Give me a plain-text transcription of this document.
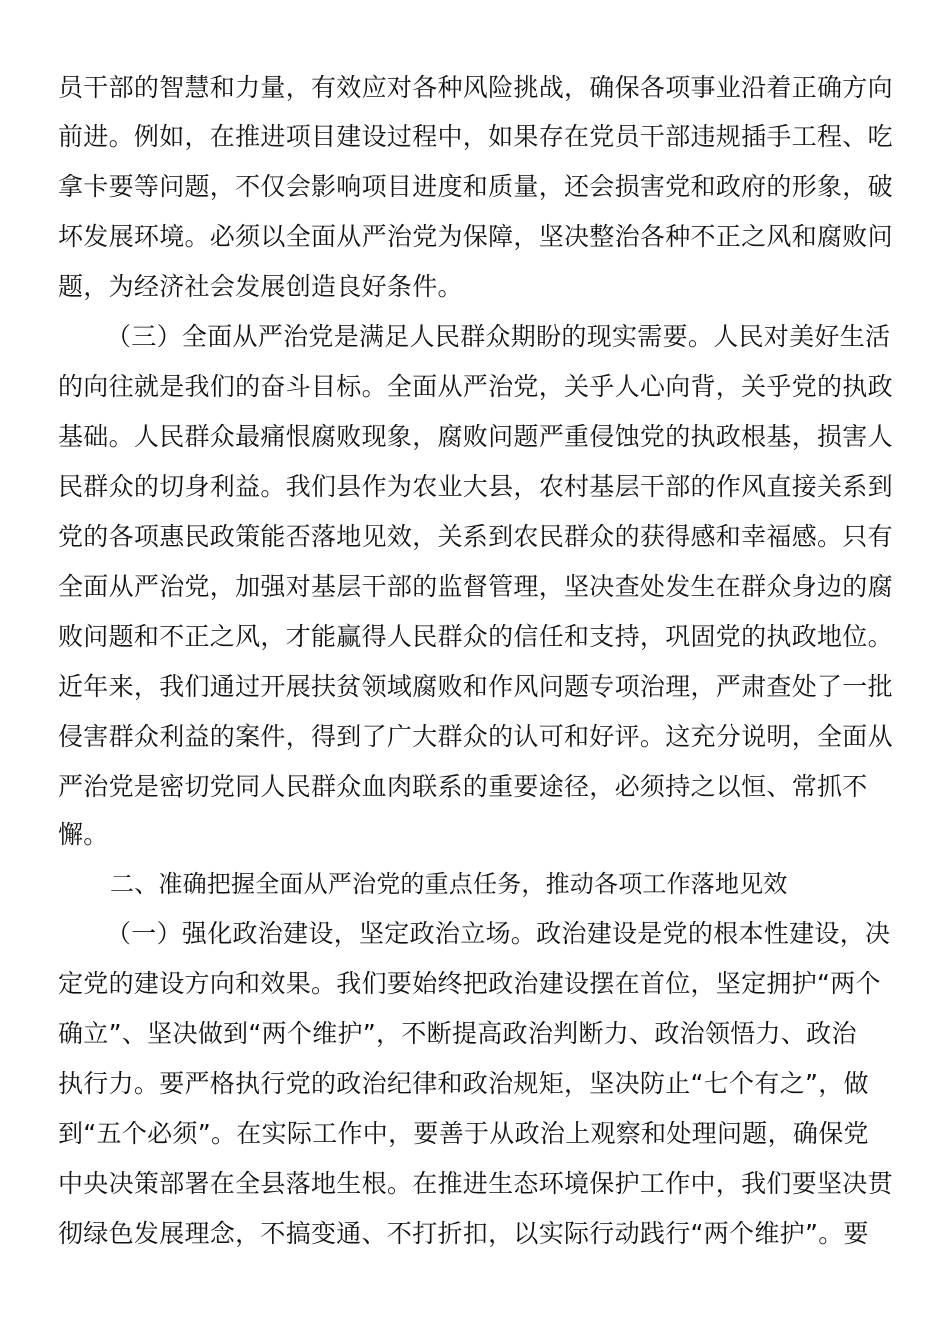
员干部的智慧和力量，有效应对各种风险挑战，确保各项事业沿着正确方向
前进。例如，在推进项目建设过程中，如果存在党员干部违规插手工程、吃
拿卡要等问题，不仅会影响项目进度和质量，还会损害党和政府的形象，破
坏发展环境。必须以全面从严治党为保障，坚决整治各种不正之风和腐败问
题，为经济社会发展创造良好条件。
（三）全面从严治党是满足人民群众期盼的现实需要。人民对美好生活
的向往就是我们的奋斗目标。全面从严治党，关乎人心向背，关乎党的执政
基础。人民群众最痛恨腐败现象，腐败问题严重侵蚀党的执政根基，损害人
民群众的切身利益。我们县作为农业大县，农村基层干部的作风直接关系到
党的各项惠民政策能否落地见效，关系到农民群众的获得感和幸福感。只有
全面从严治党，加强对基层干部的监督管理，坚决查处发生在群众身边的腐
败问题和不正之风，才能赢得人民群众的信任和支持，巩固党的执政地位。
近年来，我们通过开展扶贫领域腐败和作风问题专项治理，严肃查处了一批
侵害群众利益的案件，得到了广大群众的认可和好评。这充分说明，全面从
严治党是密切党同人民群众血肉联系的重要途径，必须持之以恒、常抓不
懈。
二、准确把握全面从严治党的重点任务，推动各项工作落地见效
（一）强化政治建设，坚定政治立场。政治建设是党的根本性建设，决
定党的建设方向和效果。我们要始终把政治建设摆在首位，坚定拥护“两个
确立”、坚决做到“两个维护”，不断提高政治判断力、政治领悟力、政治
执行力。要严格执行党的政治纪律和政治规矩，坚决防止“七个有之”，做
到“五个必须”。在实际工作中，要善于从政治上观察和处理问题，确保党
中央决策部署在全县落地生根。在推进生态环境保护工作中，我们要坚决贯
彻绿色发展理念，不搞变通、不打折扣，以实际行动践行“两个维护”。要
